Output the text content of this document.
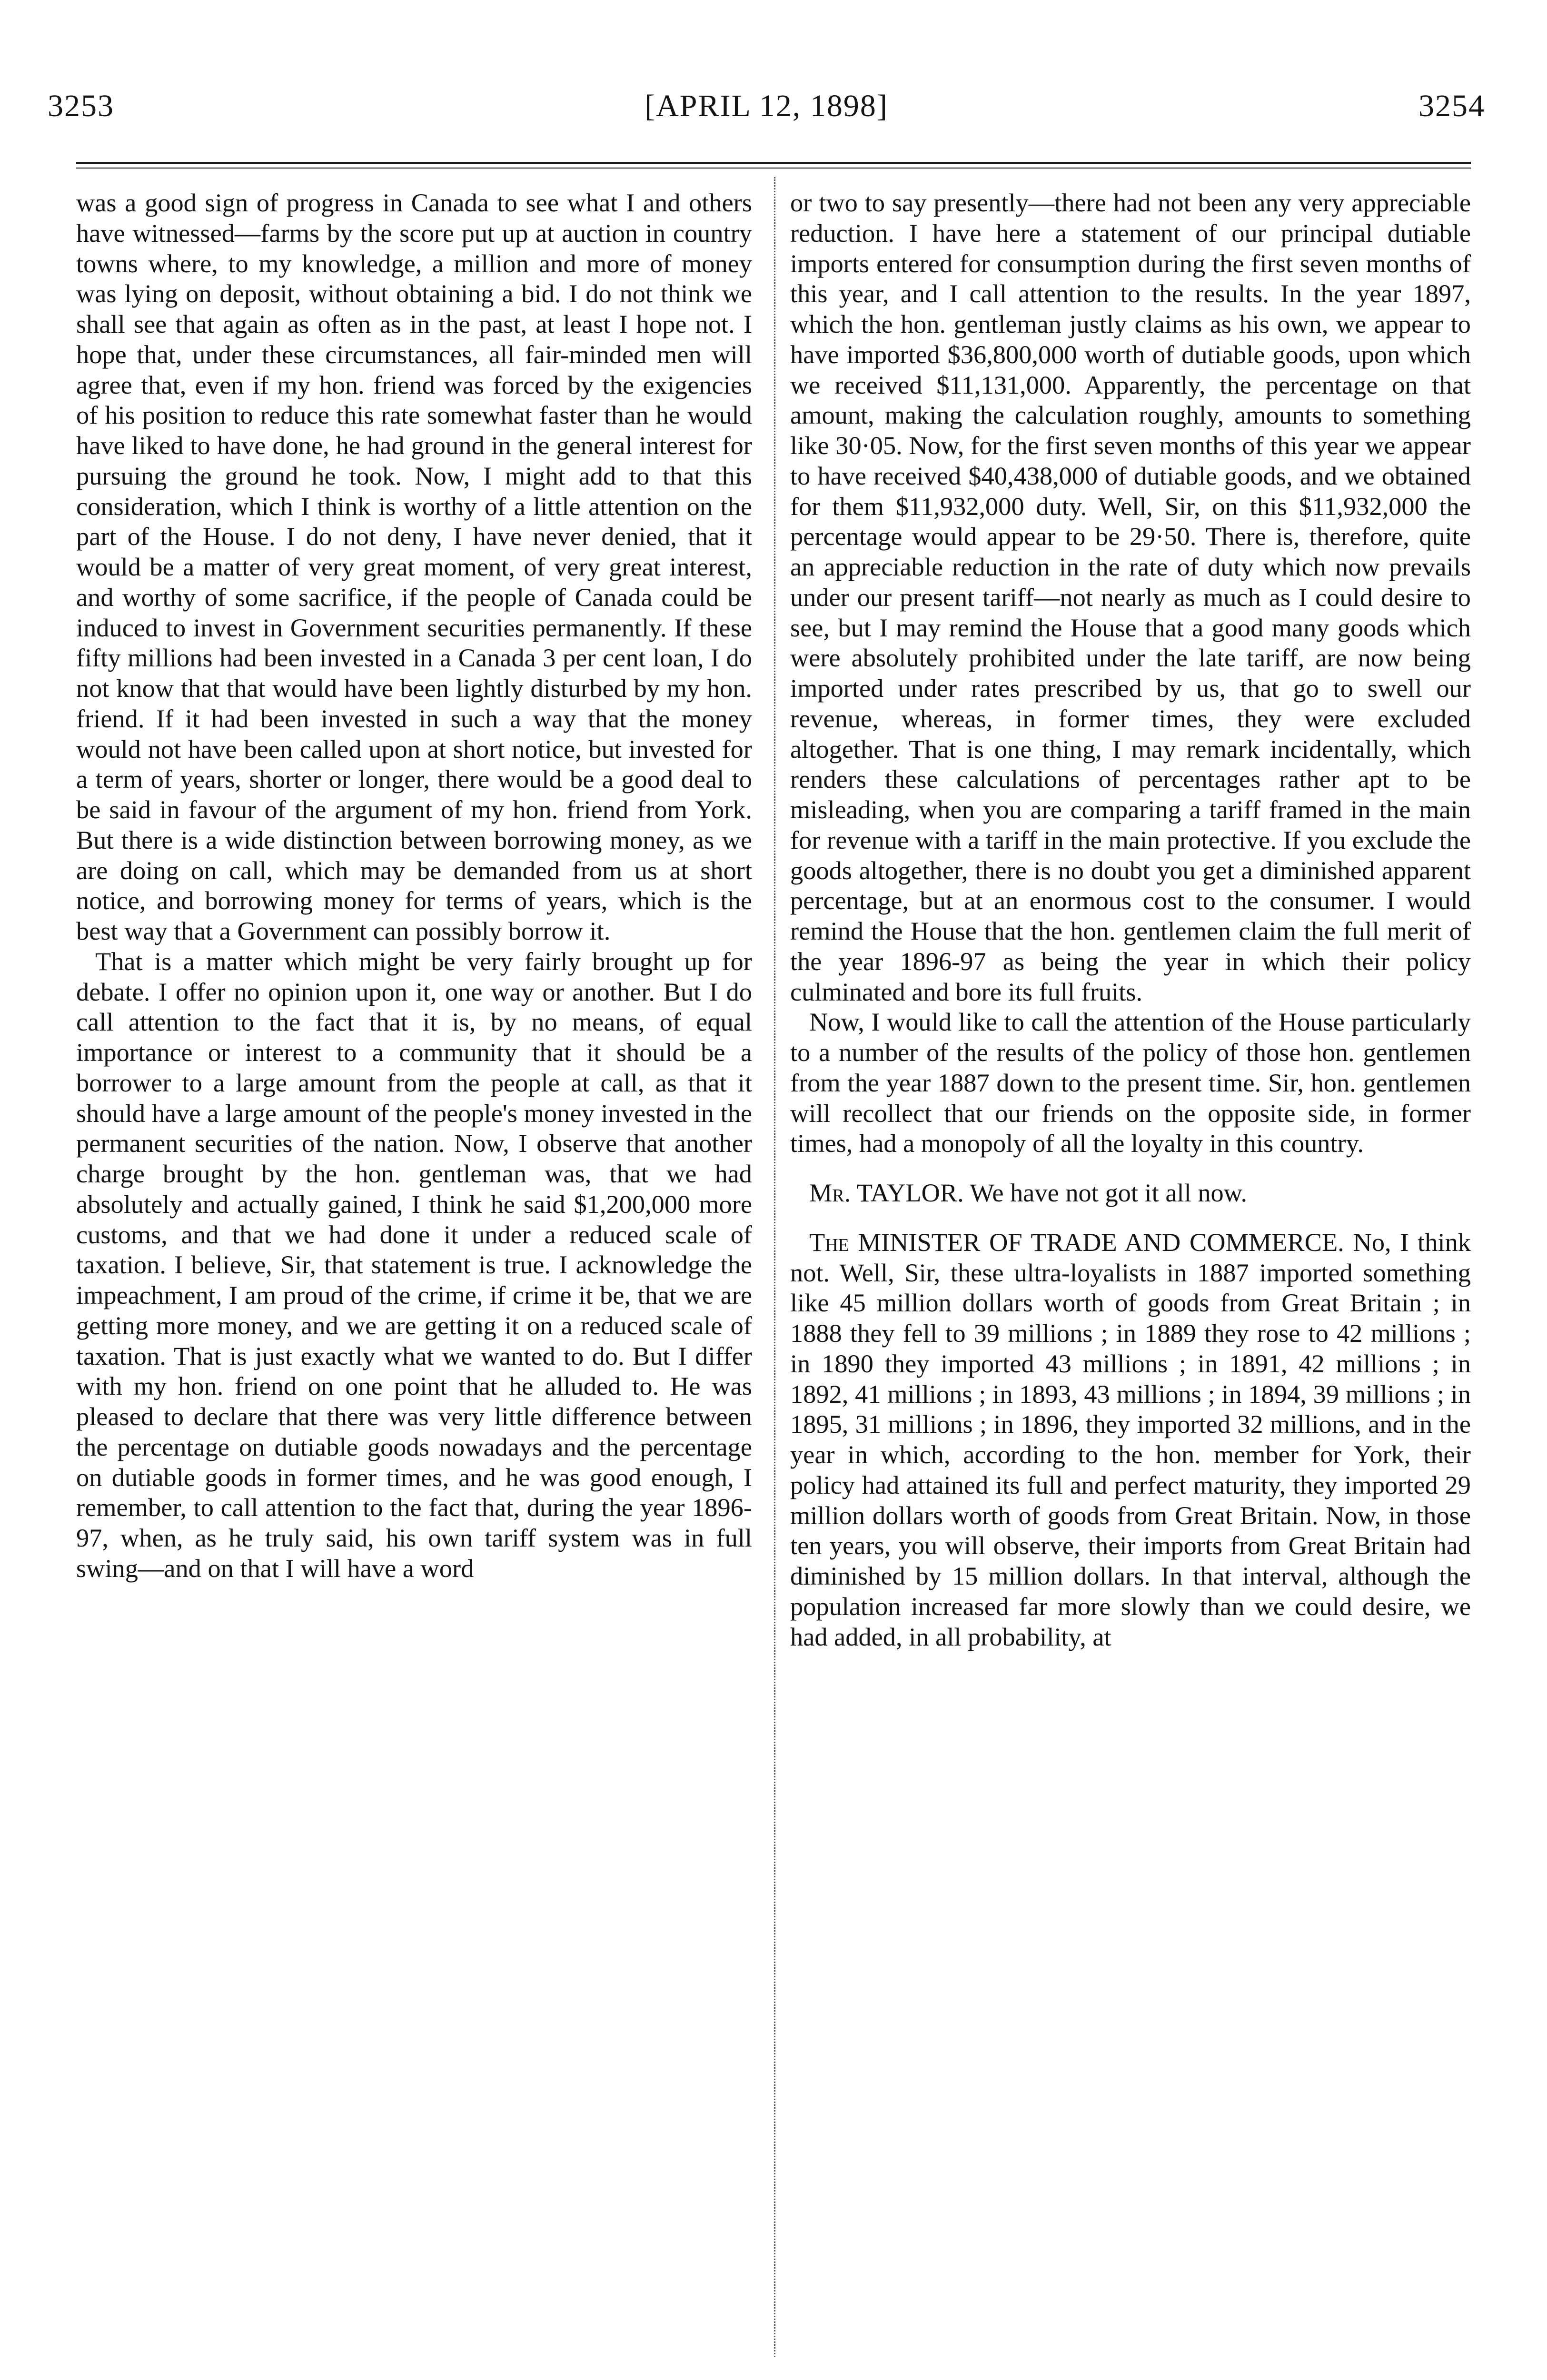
3253	[APRIL 12, 1898]	3254

was a good sign of progress in Canada to see what I and others have witnessed—farms by the score put up at auction in country towns where, to my knowledge, a million and more of money was lying on deposit, without obtaining a bid. I do not think we shall see that again as often as in the past, at least I hope not. I hope that, under these circumstances, all fair-minded men will agree that, even if my hon. friend was forced by the exigencies of his position to reduce this rate somewhat faster than he would have liked to have done, he had ground in the general interest for pursuing the ground he took. Now, I might add to that this consideration, which I think is worthy of a little attention on the part of the House. I do not deny, I have never denied, that it would be a matter of very great moment, of very great interest, and worthy of some sacrifice, if the people of Canada could be induced to invest in Government securities permanently. If these fifty millions had been invested in a Canada 3 per cent loan, I do not know that that would have been lightly disturbed by my hon. friend. If it had been invested in such a way that the money would not have been called upon at short notice, but invested for a term of years, shorter or longer, there would be a good deal to be said in favour of the argument of my hon. friend from York. But there is a wide distinction between borrowing money, as we are doing on call, which may be demanded from us at short notice, and borrowing money for terms of years, which is the best way that a Government can possibly borrow it.

That is a matter which might be very fairly brought up for debate. I offer no opinion upon it, one way or another. But I do call attention to the fact that it is, by no means, of equal importance or interest to a community that it should be a borrower to a large amount from the people at call, as that it should have a large amount of the people's money invested in the permanent securities of the nation. Now, I observe that another charge brought by the hon. gentleman was, that we had absolutely and actually gained, I think he said $1,200,000 more customs, and that we had done it under a reduced scale of taxation. I believe, Sir, that statement is true. I acknowledge the impeachment, I am proud of the crime, if crime it be, that we are getting more money, and we are getting it on a reduced scale of taxation. That is just exactly what we wanted to do. But I differ with my hon. friend on one point that he alluded to. He was pleased to declare that there was very little difference between the percentage on dutiable goods nowadays and the percentage on dutiable goods in former times, and he was good enough, I remember, to call attention to the fact that, during the year 1896-97, when, as he truly said, his own tariff system was in full swing—and on that I will have a word

or two to say presently—there had not been any very appreciable reduction. I have here a statement of our principal dutiable imports entered for consumption during the first seven months of this year, and I call attention to the results. In the year 1897, which the hon. gentleman justly claims as his own, we appear to have imported $36,800,000 worth of dutiable goods, upon which we received $11,131,000. Apparently, the percentage on that amount, making the calculation roughly, amounts to something like 30·05. Now, for the first seven months of this year we appear to have received $40,438,000 of dutiable goods, and we obtained for them $11,932,000 duty. Well, Sir, on this $11,932,000 the percentage would appear to be 29·50. There is, therefore, quite an appreciable reduction in the rate of duty which now prevails under our present tariff—not nearly as much as I could desire to see, but I may remind the House that a good many goods which were absolutely prohibited under the late tariff, are now being imported under rates prescribed by us, that go to swell our revenue, whereas, in former times, they were excluded altogether. That is one thing, I may remark incidentally, which renders these calculations of percentages rather apt to be misleading, when you are comparing a tariff framed in the main for revenue with a tariff in the main protective. If you exclude the goods altogether, there is no doubt you get a diminished apparent percentage, but at an enormous cost to the consumer. I would remind the House that the hon. gentlemen claim the full merit of the year 1896-97 as being the year in which their policy culminated and bore its full fruits.

Now, I would like to call the attention of the House particularly to a number of the results of the policy of those hon. gentlemen from the year 1887 down to the present time. Sir, hon. gentlemen will recollect that our friends on the opposite side, in former times, had a monopoly of all the loyalty in this country.

Mr. TAYLOR. We have not got it all now.

The MINISTER OF TRADE AND COMMERCE. No, I think not. Well, Sir, these ultra-loyalists in 1887 imported something like 45 million dollars worth of goods from Great Britain ; in 1888 they fell to 39 millions ; in 1889 they rose to 42 millions ; in 1890 they imported 43 millions ; in 1891, 42 millions ; in 1892, 41 millions ; in 1893, 43 millions ; in 1894, 39 millions ; in 1895, 31 millions ; in 1896, they imported 32 millions, and in the year in which, according to the hon. member for York, their policy had attained its full and perfect maturity, they imported 29 million dollars worth of goods from Great Britain. Now, in those ten years, you will observe, their imports from Great Britain had diminished by 15 million dollars. In that interval, although the population increased far more slowly than we could desire, we had added, in all probability, at
